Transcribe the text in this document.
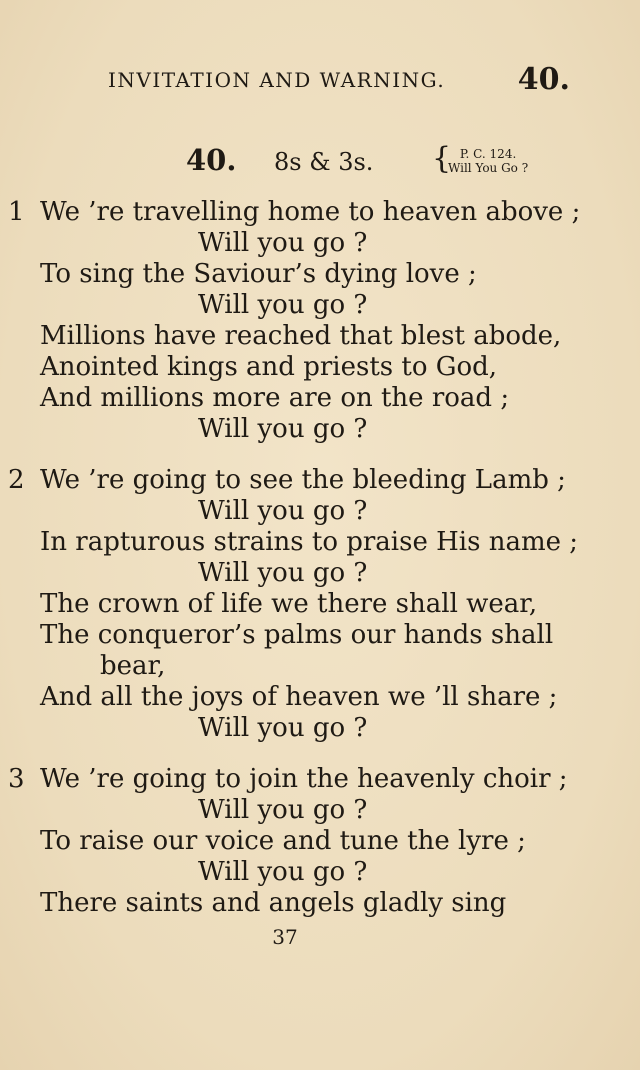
INVITATION AND WARNING. 40.
40. 8s & 3s. { P. C. 124.
Will You Go ?
1 We ’re travelling home to heaven above ;
Will you go ?
To sing the Saviour’s dying love ;
Will you go ?
Millions have reached that blest abode,
Anointed kings and priests to God,
And millions more are on the road ;
Will you go ?
2 We ’re going to see the bleeding Lamb ;
Will you go ?
In rapturous strains to praise His name ;
Will you go ?
The crown of life we there shall wear,
The conqueror’s palms our hands shall
bear,
And all the joys of heaven we ’ll share ;
Will you go ?
3 We ’re going to join the heavenly choir ;
Will you go ?
To raise our voice and tune the lyre ;
Will you go ?
There saints and angels gladly sing
37
